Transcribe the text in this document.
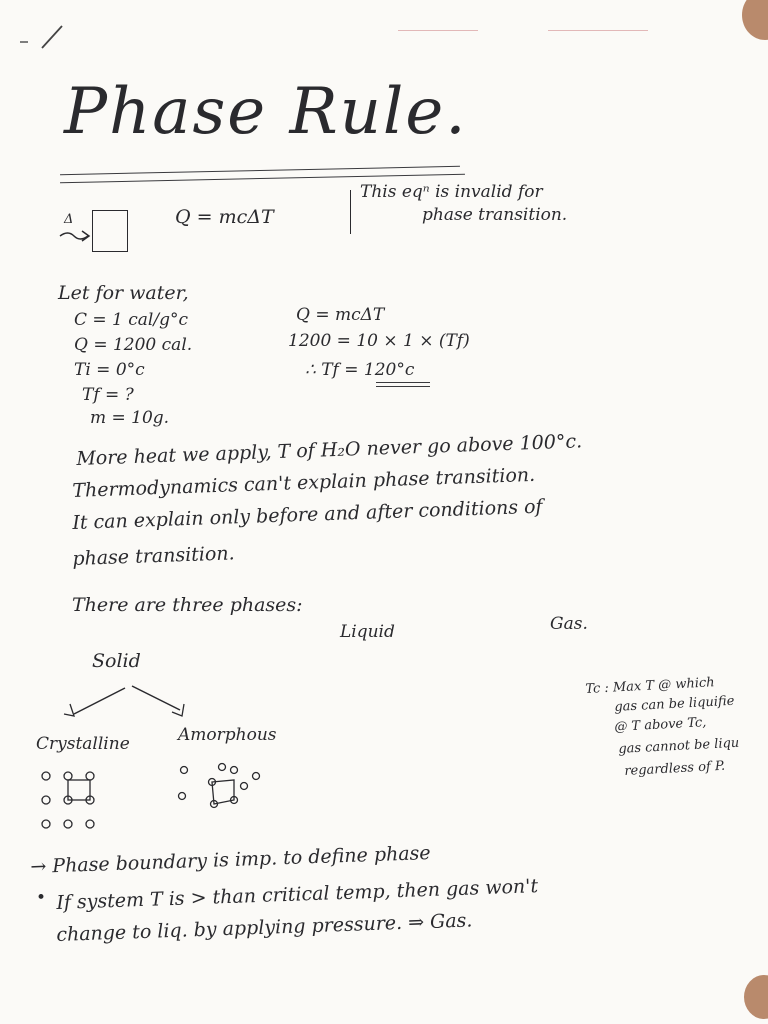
Phase Rule.
Δ	Q = mcΔT
This eqⁿ is invalid for
phase transition.
Let for water,
C = 1 cal/g°c
Q = 1200 cal.
Ti = 0°c
Tf = ?
m = 10g.
Q = mcΔT
1200 = 10 × 1 × (Tf)
∴ Tf = 120°c
More heat we apply, T of H₂O never go above 100°c.
Thermodynamics can't explain phase transition.
It can explain only before and after conditions of
phase transition.
There are three phases:
Liquid	Gas.
Solid
Crystalline	Amorphous
Tc : Max T @ which
gas can be liquifie
@ T above Tc,
gas cannot be liqu
regardless of P.
→ Phase boundary is imp. to define phase
• If system T is > than critical temp, then gas won't
change to liq. by applying pressure. ⇒ Gas.
